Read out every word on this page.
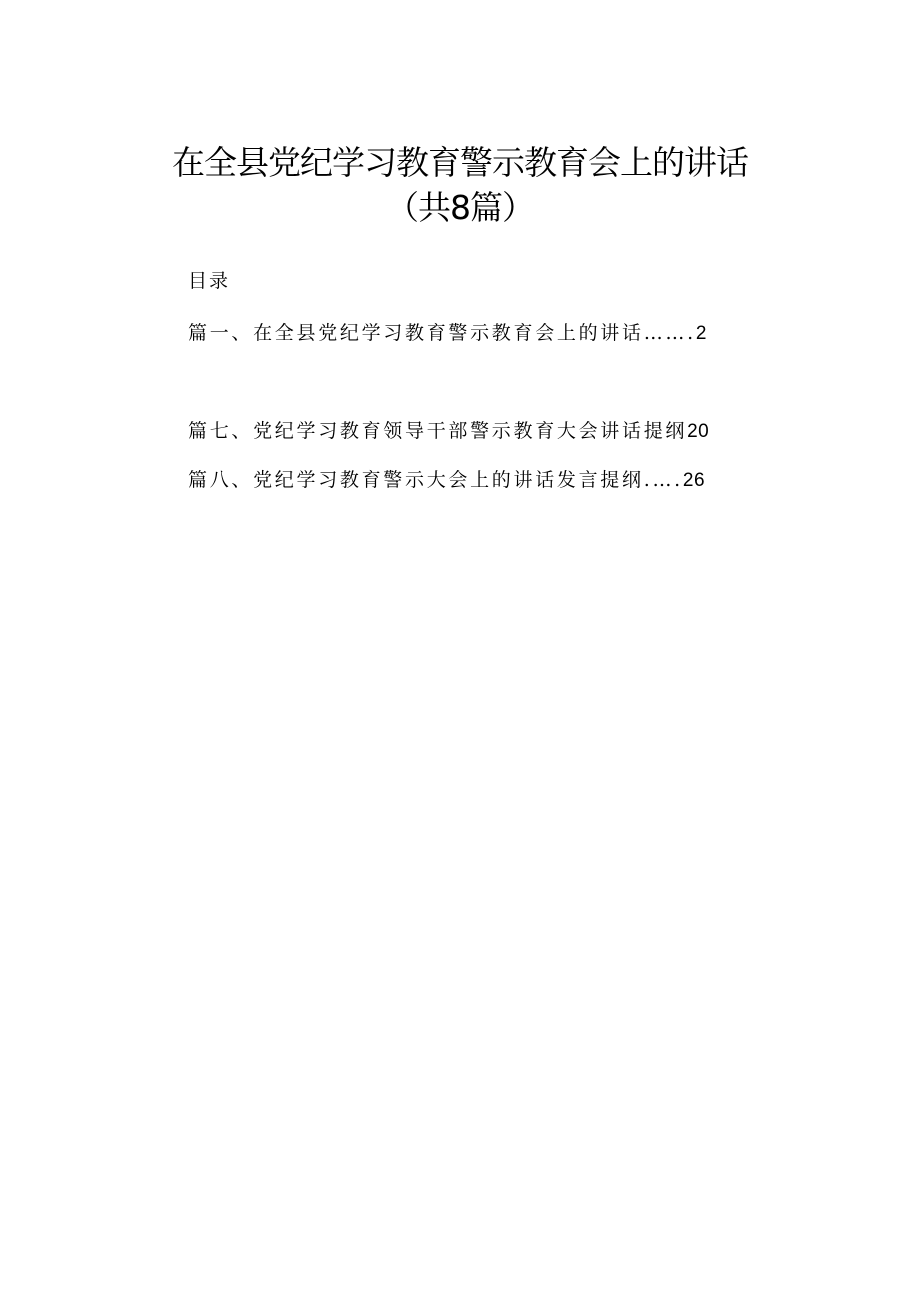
在全县党纪学习教育警示教育会上的讲话
（共8篇）
目录
篇一、在全县党纪学习教育警示教育会上的讲话…….2
篇七、党纪学习教育领导干部警示教育大会讲话提纲20
篇八、党纪学习教育警示大会上的讲话发言提纲.….26
